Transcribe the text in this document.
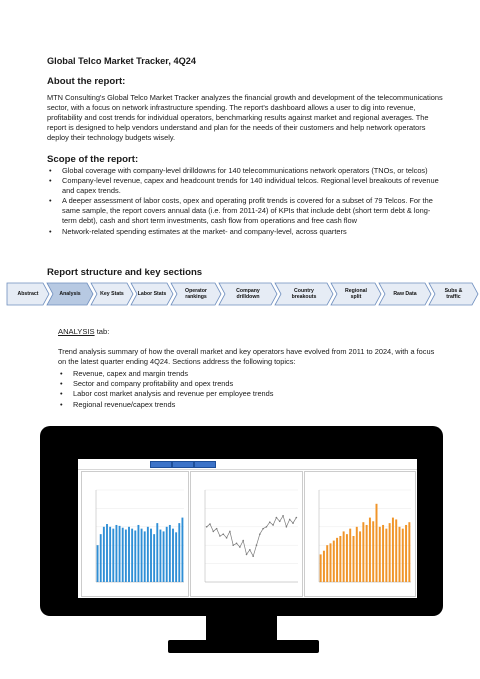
Global Telco Market Tracker, 4Q24
About the report:
MTN Consulting's Global Telco Market Tracker analyzes the financial growth and development of the telecommunications sector, with a focus on network infrastructure spending. The report's dashboard allows a user to dig into revenue, profitability and cost trends for individual operators, benchmarking results against market and regional averages. The report is designed to help vendors understand and plan for the needs of their customers and help network operators deploy their technology budgets wisely.
Scope of the report:
• Global coverage with company-level drilldowns for 140 telecommunications network operators (TNOs, or telcos)
• Company-level revenue, capex and headcount trends for 140 individual telcos. Regional level breakouts of revenue and capex trends.
• A deeper assessment of labor costs, opex and operating profit trends is covered for a subset of 79 Telcos. For the same sample, the report covers annual data (i.e. from 2011-24) of KPIs that include debt (short term debt & long-term debt), cash and short term investments, cash flow from operations and free cash flow
• Network-related spending estimates at the market- and company-level, across quarters
Report structure and key sections
Abstract	Analysis	Key Stats	Labor Stats	Operator rankings
Company drilldown
Country breakouts
Regional split	Raw Data	Subs & traffic
ANALYSIS tab:
Trend analysis summary of how the overall market and key operators have evolved from 2011 to 2024, with a focus on the latest quarter ending 4Q24. Sections address the following topics:
• Revenue, capex and margin trends
• Sector and company profitability and opex trends
• Labor cost market analysis and revenue per employee trends
• Regional revenue/capex trends
